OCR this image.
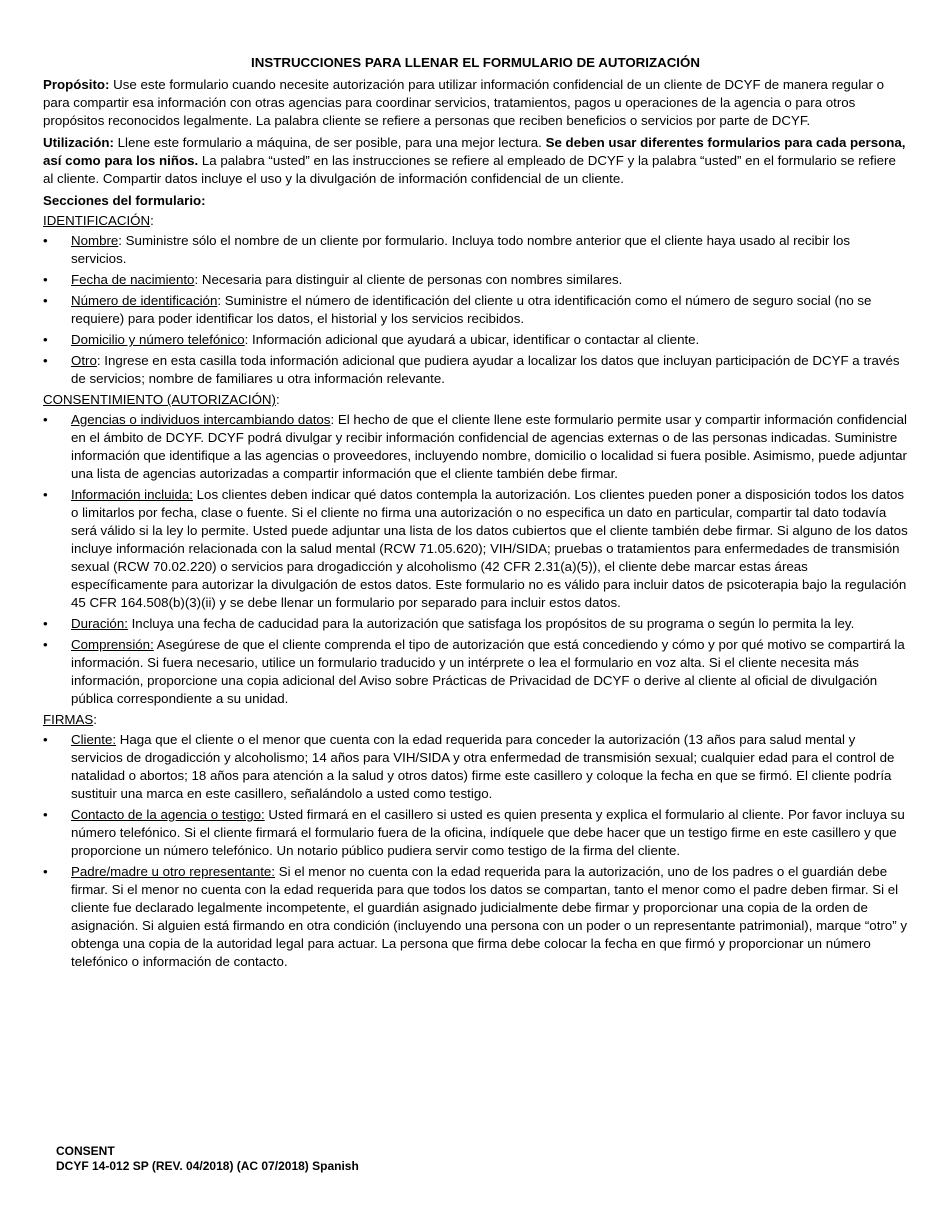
INSTRUCCIONES PARA LLENAR EL FORMULARIO DE AUTORIZACIÓN

Propósito: Use este formulario cuando necesite autorización para utilizar información confidencial de un cliente de DCYF de manera regular o para compartir esa información con otras agencias para coordinar servicios, tratamientos, pagos u operaciones de la agencia o para otros propósitos reconocidos legalmente. La palabra cliente se refiere a personas que reciben beneficios o servicios por parte de DCYF.

Utilización: Llene este formulario a máquina, de ser posible, para una mejor lectura. Se deben usar diferentes formularios para cada persona, así como para los niños. La palabra “usted” en las instrucciones se refiere al empleado de DCYF y la palabra “usted” en el formulario se refiere al cliente. Compartir datos incluye el uso y la divulgación de información confidencial de un cliente.

Secciones del formulario:
IDENTIFICACIÓN:
• Nombre: Suministre sólo el nombre de un cliente por formulario. Incluya todo nombre anterior que el cliente haya usado al recibir los servicios.
• Fecha de nacimiento: Necesaria para distinguir al cliente de personas con nombres similares.
• Número de identificación: Suministre el número de identificación del cliente u otra identificación como el número de seguro social (no se requiere) para poder identificar los datos, el historial y los servicios recibidos.
• Domicilio y número telefónico: Información adicional que ayudará a ubicar, identificar o contactar al cliente.
• Otro: Ingrese en esta casilla toda información adicional que pudiera ayudar a localizar los datos que incluyan participación de DCYF a través de servicios; nombre de familiares u otra información relevante.
CONSENTIMIENTO (AUTORIZACIÓN):
• Agencias o individuos intercambiando datos: El hecho de que el cliente llene este formulario permite usar y compartir información confidencial en el ámbito de DCYF. DCYF podrá divulgar y recibir información confidencial de agencias externas o de las personas indicadas. Suministre información que identifique a las agencias o proveedores, incluyendo nombre, domicilio o localidad si fuera posible. Asimismo, puede adjuntar una lista de agencias autorizadas a compartir información que el cliente también debe firmar.
• Información incluida: Los clientes deben indicar qué datos contempla la autorización. Los clientes pueden poner a disposición todos los datos o limitarlos por fecha, clase o fuente. Si el cliente no firma una autorización o no especifica un dato en particular, compartir tal dato todavía será válido si la ley lo permite. Usted puede adjuntar una lista de los datos cubiertos que el cliente también debe firmar. Si alguno de los datos incluye información relacionada con la salud mental (RCW 71.05.620); VIH/SIDA; pruebas o tratamientos para enfermedades de transmisión sexual (RCW 70.02.220) o servicios para drogadicción y alcoholismo (42 CFR 2.31(a)(5)), el cliente debe marcar estas áreas específicamente para autorizar la divulgación de estos datos. Este formulario no es válido para incluir datos de psicoterapia bajo la regulación 45 CFR 164.508(b)(3)(ii) y se debe llenar un formulario por separado para incluir estos datos.
• Duración: Incluya una fecha de caducidad para la autorización que satisfaga los propósitos de su programa o según lo permita la ley.
• Comprensión: Asegúrese de que el cliente comprenda el tipo de autorización que está concediendo y cómo y por qué motivo se compartirá la información. Si fuera necesario, utilice un formulario traducido y un intérprete o lea el formulario en voz alta. Si el cliente necesita más información, proporcione una copia adicional del Aviso sobre Prácticas de Privacidad de DCYF o derive al cliente al oficial de divulgación pública correspondiente a su unidad.
FIRMAS:
• Cliente: Haga que el cliente o el menor que cuenta con la edad requerida para conceder la autorización (13 años para salud mental y servicios de drogadicción y alcoholismo; 14 años para VIH/SIDA y otra enfermedad de transmisión sexual; cualquier edad para el control de natalidad o abortos; 18 años para atención a la salud y otros datos) firme este casillero y coloque la fecha en que se firmó. El cliente podría sustituir una marca en este casillero, señalándolo a usted como testigo.
• Contacto de la agencia o testigo: Usted firmará en el casillero si usted es quien presenta y explica el formulario al cliente. Por favor incluya su número telefónico. Si el cliente firmará el formulario fuera de la oficina, indíquele que debe hacer que un testigo firme en este casillero y que proporcione un número telefónico. Un notario público pudiera servir como testigo de la firma del cliente.
• Padre/madre u otro representante: Si el menor no cuenta con la edad requerida para la autorización, uno de los padres o el guardián debe firmar. Si el menor no cuenta con la edad requerida para que todos los datos se compartan, tanto el menor como el padre deben firmar. Si el cliente fue declarado legalmente incompetente, el guardián asignado judicialmente debe firmar y proporcionar una copia de la orden de asignación. Si alguien está firmando en otra condición (incluyendo una persona con un poder o un representante patrimonial), marque “otro” y obtenga una copia de la autoridad legal para actuar. La persona que firma debe colocar la fecha en que firmó y proporcionar un número telefónico o información de contacto.
CONSENT
DCYF 14-012 SP (REV. 04/2018) (AC 07/2018) Spanish
